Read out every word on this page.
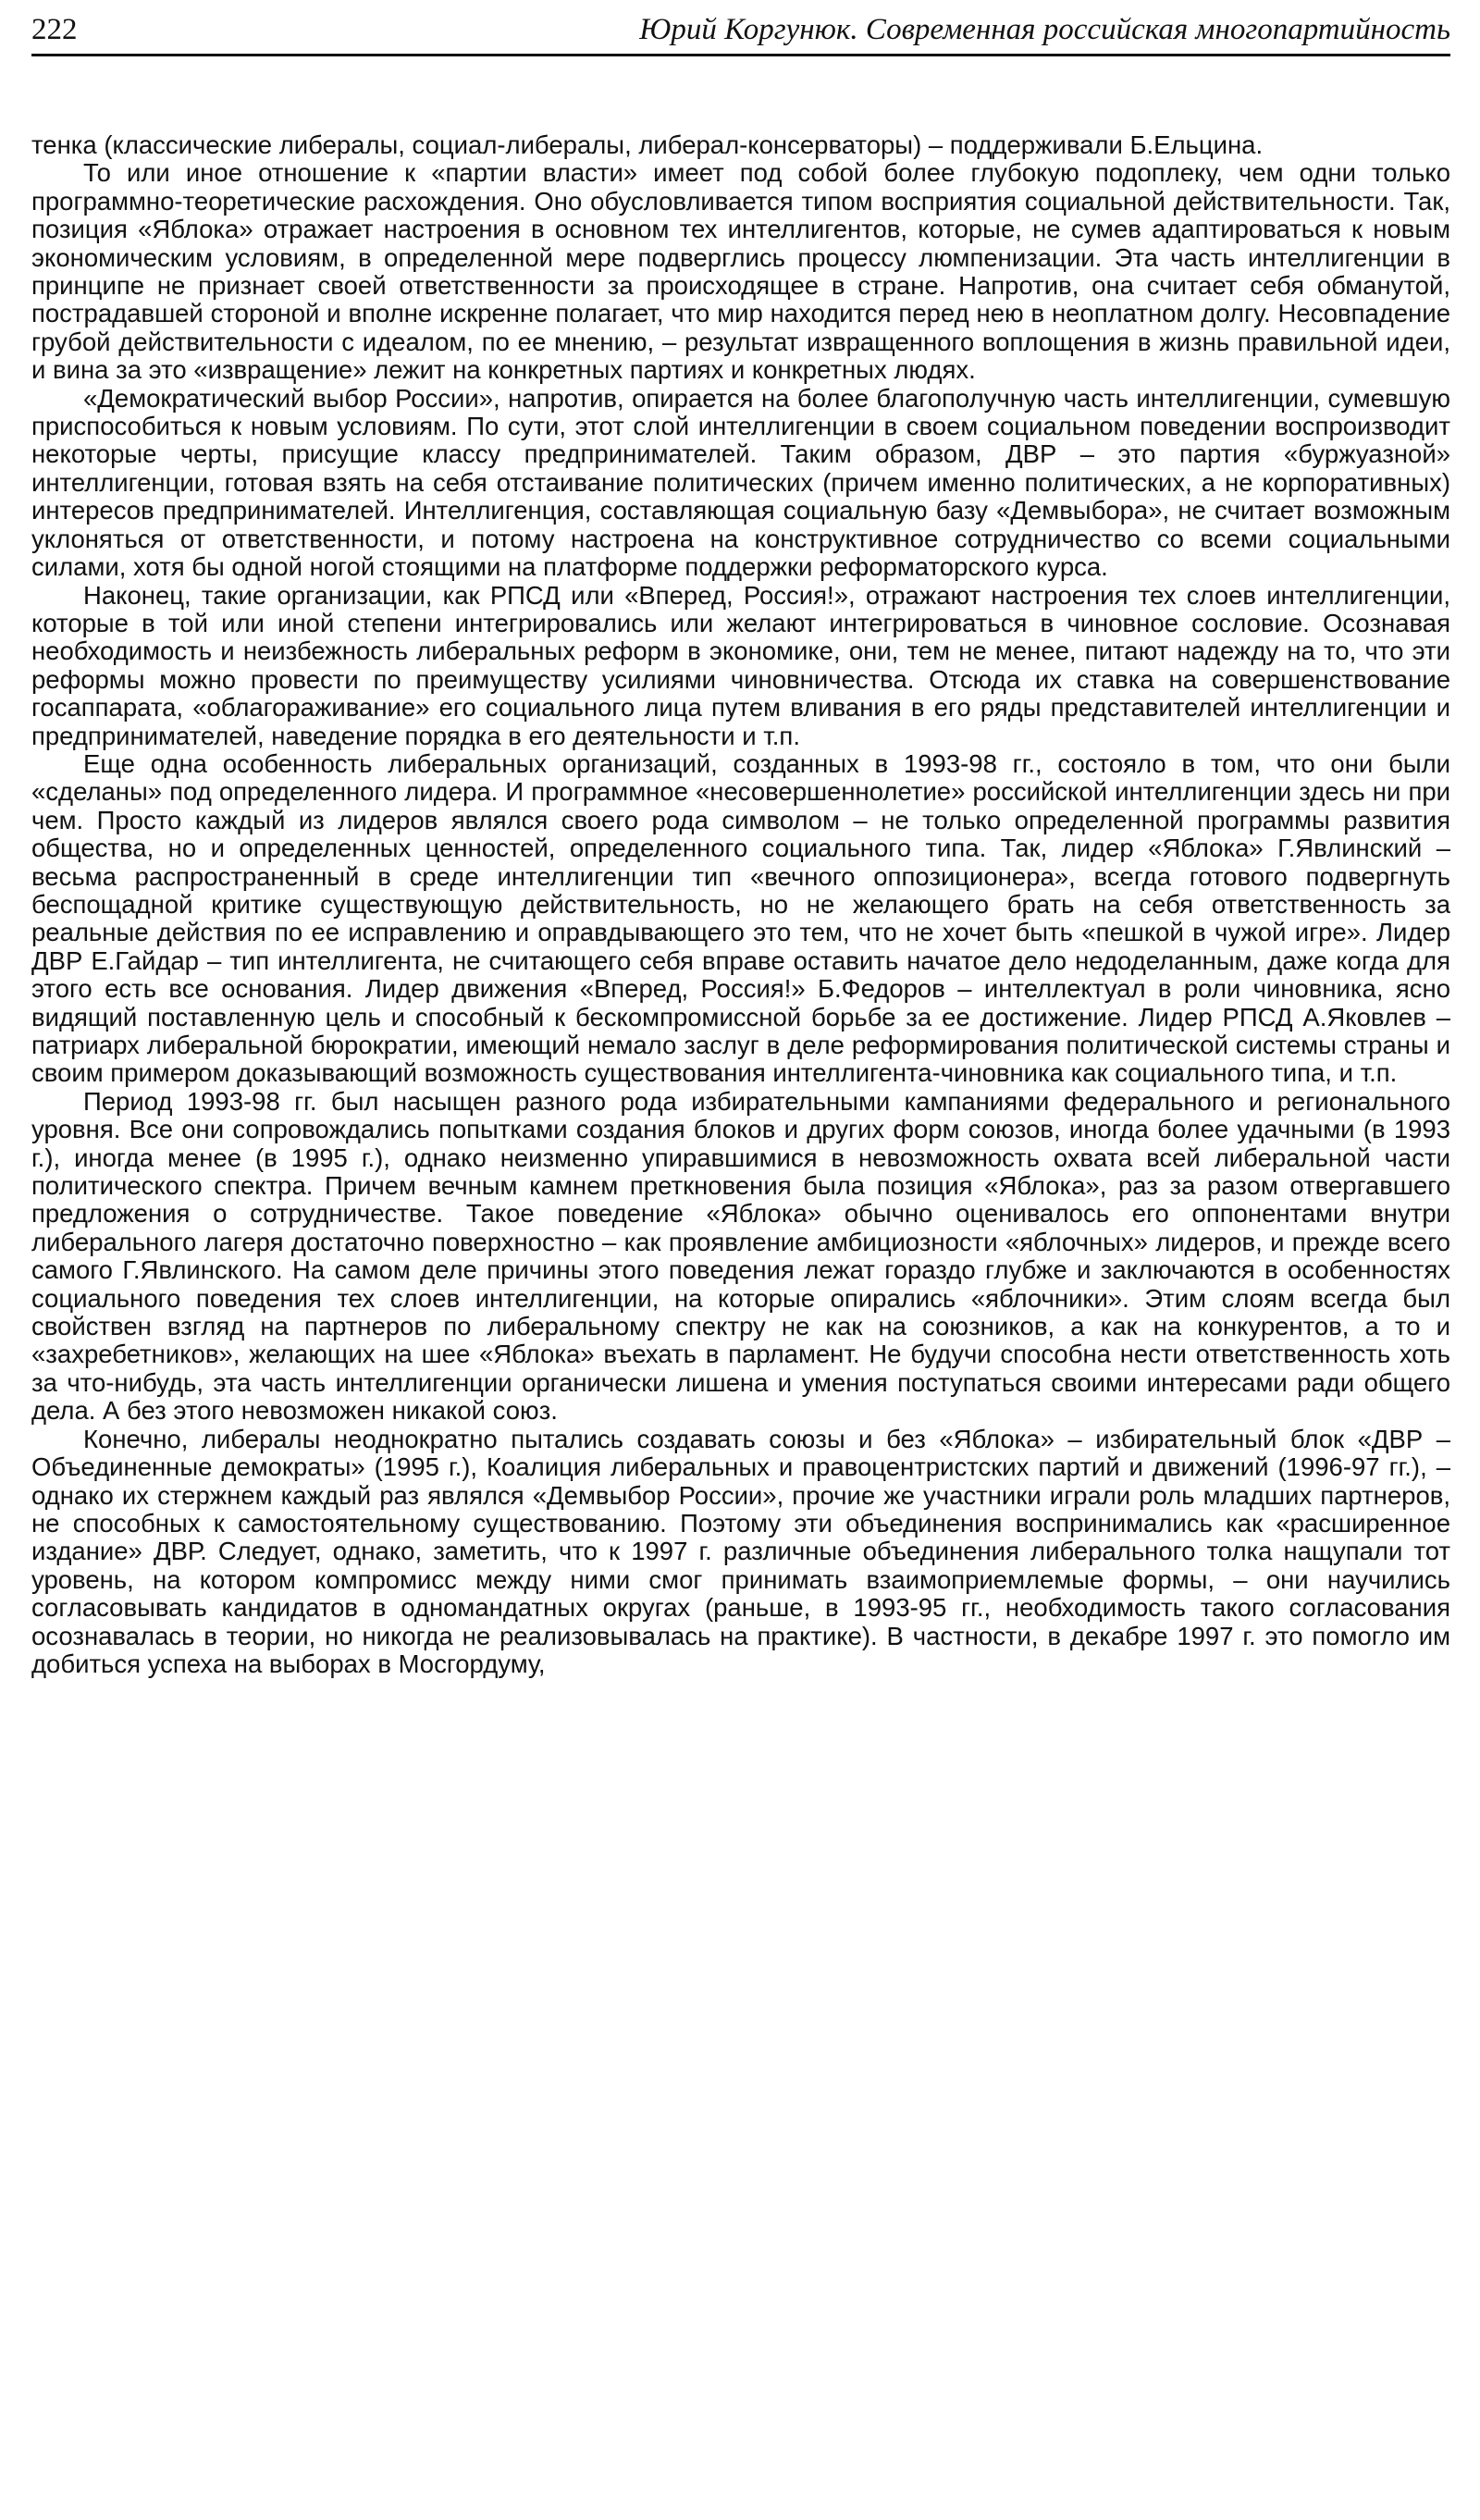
222	Юрий Коргунюк. Современная российская многопартийность

тенка (классические либералы, социал-либералы, либерал-консерваторы) – поддерживали Б.Ельцина.

То или иное отношение к «партии власти» имеет под собой более глубокую подоплеку, чем одни только программно-теоретические расхождения. Оно обусловливается типом восприятия социальной действительности. Так, позиция «Яблока» отражает настроения в основном тех интеллигентов, которые, не сумев адаптироваться к новым экономическим условиям, в определенной мере подверглись процессу люмпенизации. Эта часть интеллигенции в принципе не признает своей ответственности за происходящее в стране. Напротив, она считает себя обманутой, пострадавшей стороной и вполне искренне полагает, что мир находится перед нею в неоплатном долгу. Несовпадение грубой действительности с идеалом, по ее мнению, – результат извращенного воплощения в жизнь правильной идеи, и вина за это «извращение» лежит на конкретных партиях и конкретных людях.

«Демократический выбор России», напротив, опирается на более благополучную часть интеллигенции, сумевшую приспособиться к новым условиям. По сути, этот слой интеллигенции в своем социальном поведении воспроизводит некоторые черты, присущие классу предпринимателей. Таким образом, ДВР – это партия «буржуазной» интеллигенции, готовая взять на себя отстаивание политических (причем именно политических, а не корпоративных) интересов предпринимателей. Интеллигенция, составляющая социальную базу «Демвыбора», не считает возможным уклоняться от ответственности, и потому настроена на конструктивное сотрудничество со всеми социальными силами, хотя бы одной ногой стоящими на платформе поддержки реформаторского курса.

Наконец, такие организации, как РПСД или «Вперед, Россия!», отражают настроения тех слоев интеллигенции, которые в той или иной степени интегрировались или желают интегрироваться в чиновное сословие. Осознавая необходимость и неизбежность либеральных реформ в экономике, они, тем не менее, питают надежду на то, что эти реформы можно провести по преимуществу усилиями чиновничества. Отсюда их ставка на совершенствование госаппарата, «облагораживание» его социального лица путем вливания в его ряды представителей интеллигенции и предпринимателей, наведение порядка в его деятельности и т.п.

Еще одна особенность либеральных организаций, созданных в 1993-98 гг., состояло в том, что они были «сделаны» под определенного лидера. И программное «несовершеннолетие» российской интеллигенции здесь ни при чем. Просто каждый из лидеров являлся своего рода символом – не только определенной программы развития общества, но и определенных ценностей, определенного социального типа. Так, лидер «Яблока» Г.Явлинский – весьма распространенный в среде интеллигенции тип «вечного оппозиционера», всегда готового подвергнуть беспощадной критике существующую действительность, но не желающего брать на себя ответственность за реальные действия по ее исправлению и оправдывающего это тем, что не хочет быть «пешкой в чужой игре». Лидер ДВР Е.Гайдар – тип интеллигента, не считающего себя вправе оставить начатое дело недоделанным, даже когда для этого есть все основания. Лидер движения «Вперед, Россия!» Б.Федоров – интеллектуал в роли чиновника, ясно видящий поставленную цель и способный к бескомпромиссной борьбе за ее достижение. Лидер РПСД А.Яковлев – патриарх либеральной бюрократии, имеющий немало заслуг в деле реформирования политической системы страны и своим примером доказывающий возможность существования интеллигента-чиновника как социального типа, и т.п.

Период 1993-98 гг. был насыщен разного рода избирательными кампаниями федерального и регионального уровня. Все они сопровождались попытками создания блоков и других форм союзов, иногда более удачными (в 1993 г.), иногда менее (в 1995 г.), однако неизменно упиравшимися в невозможность охвата всей либеральной части политического спектра. Причем вечным камнем преткновения была позиция «Яблока», раз за разом отвергавшего предложения о сотрудничестве. Такое поведение «Яблока» обычно оценивалось его оппонентами внутри либерального лагеря достаточно поверхностно – как проявление амбициозности «яблочных» лидеров, и прежде всего самого Г.Явлинского. На самом деле причины этого поведения лежат гораздо глубже и заключаются в особенностях социального поведения тех слоев интеллигенции, на которые опирались «яблочники». Этим слоям всегда был свойствен взгляд на партнеров по либеральному спектру не как на союзников, а как на конкурентов, а то и «захребетников», желающих на шее «Яблока» въехать в парламент. Не будучи способна нести ответственность хоть за что-нибудь, эта часть интеллигенции органически лишена и умения поступаться своими интересами ради общего дела. А без этого невозможен никакой союз.

Конечно, либералы неоднократно пытались создавать союзы и без «Яблока» – избирательный блок «ДВР – Объединенные демократы» (1995 г.), Коалиция либеральных и правоцентристских партий и движений (1996-97 гг.), – однако их стержнем каждый раз являлся «Демвыбор России», прочие же участники играли роль младших партнеров, не способных к самостоятельному существованию. Поэтому эти объединения воспринимались как «расширенное издание» ДВР. Следует, однако, заметить, что к 1997 г. различные объединения либерального толка нащупали тот уровень, на котором компромисс между ними смог принимать взаимоприемлемые формы, – они научились согласовывать кандидатов в одномандатных округах (раньше, в 1993-95 гг., необходимость такого согласования осознавалась в теории, но никогда не реализовывалась на практике). В частности, в декабре 1997 г. это помогло им добиться успеха на выборах в Мосгордуму,
